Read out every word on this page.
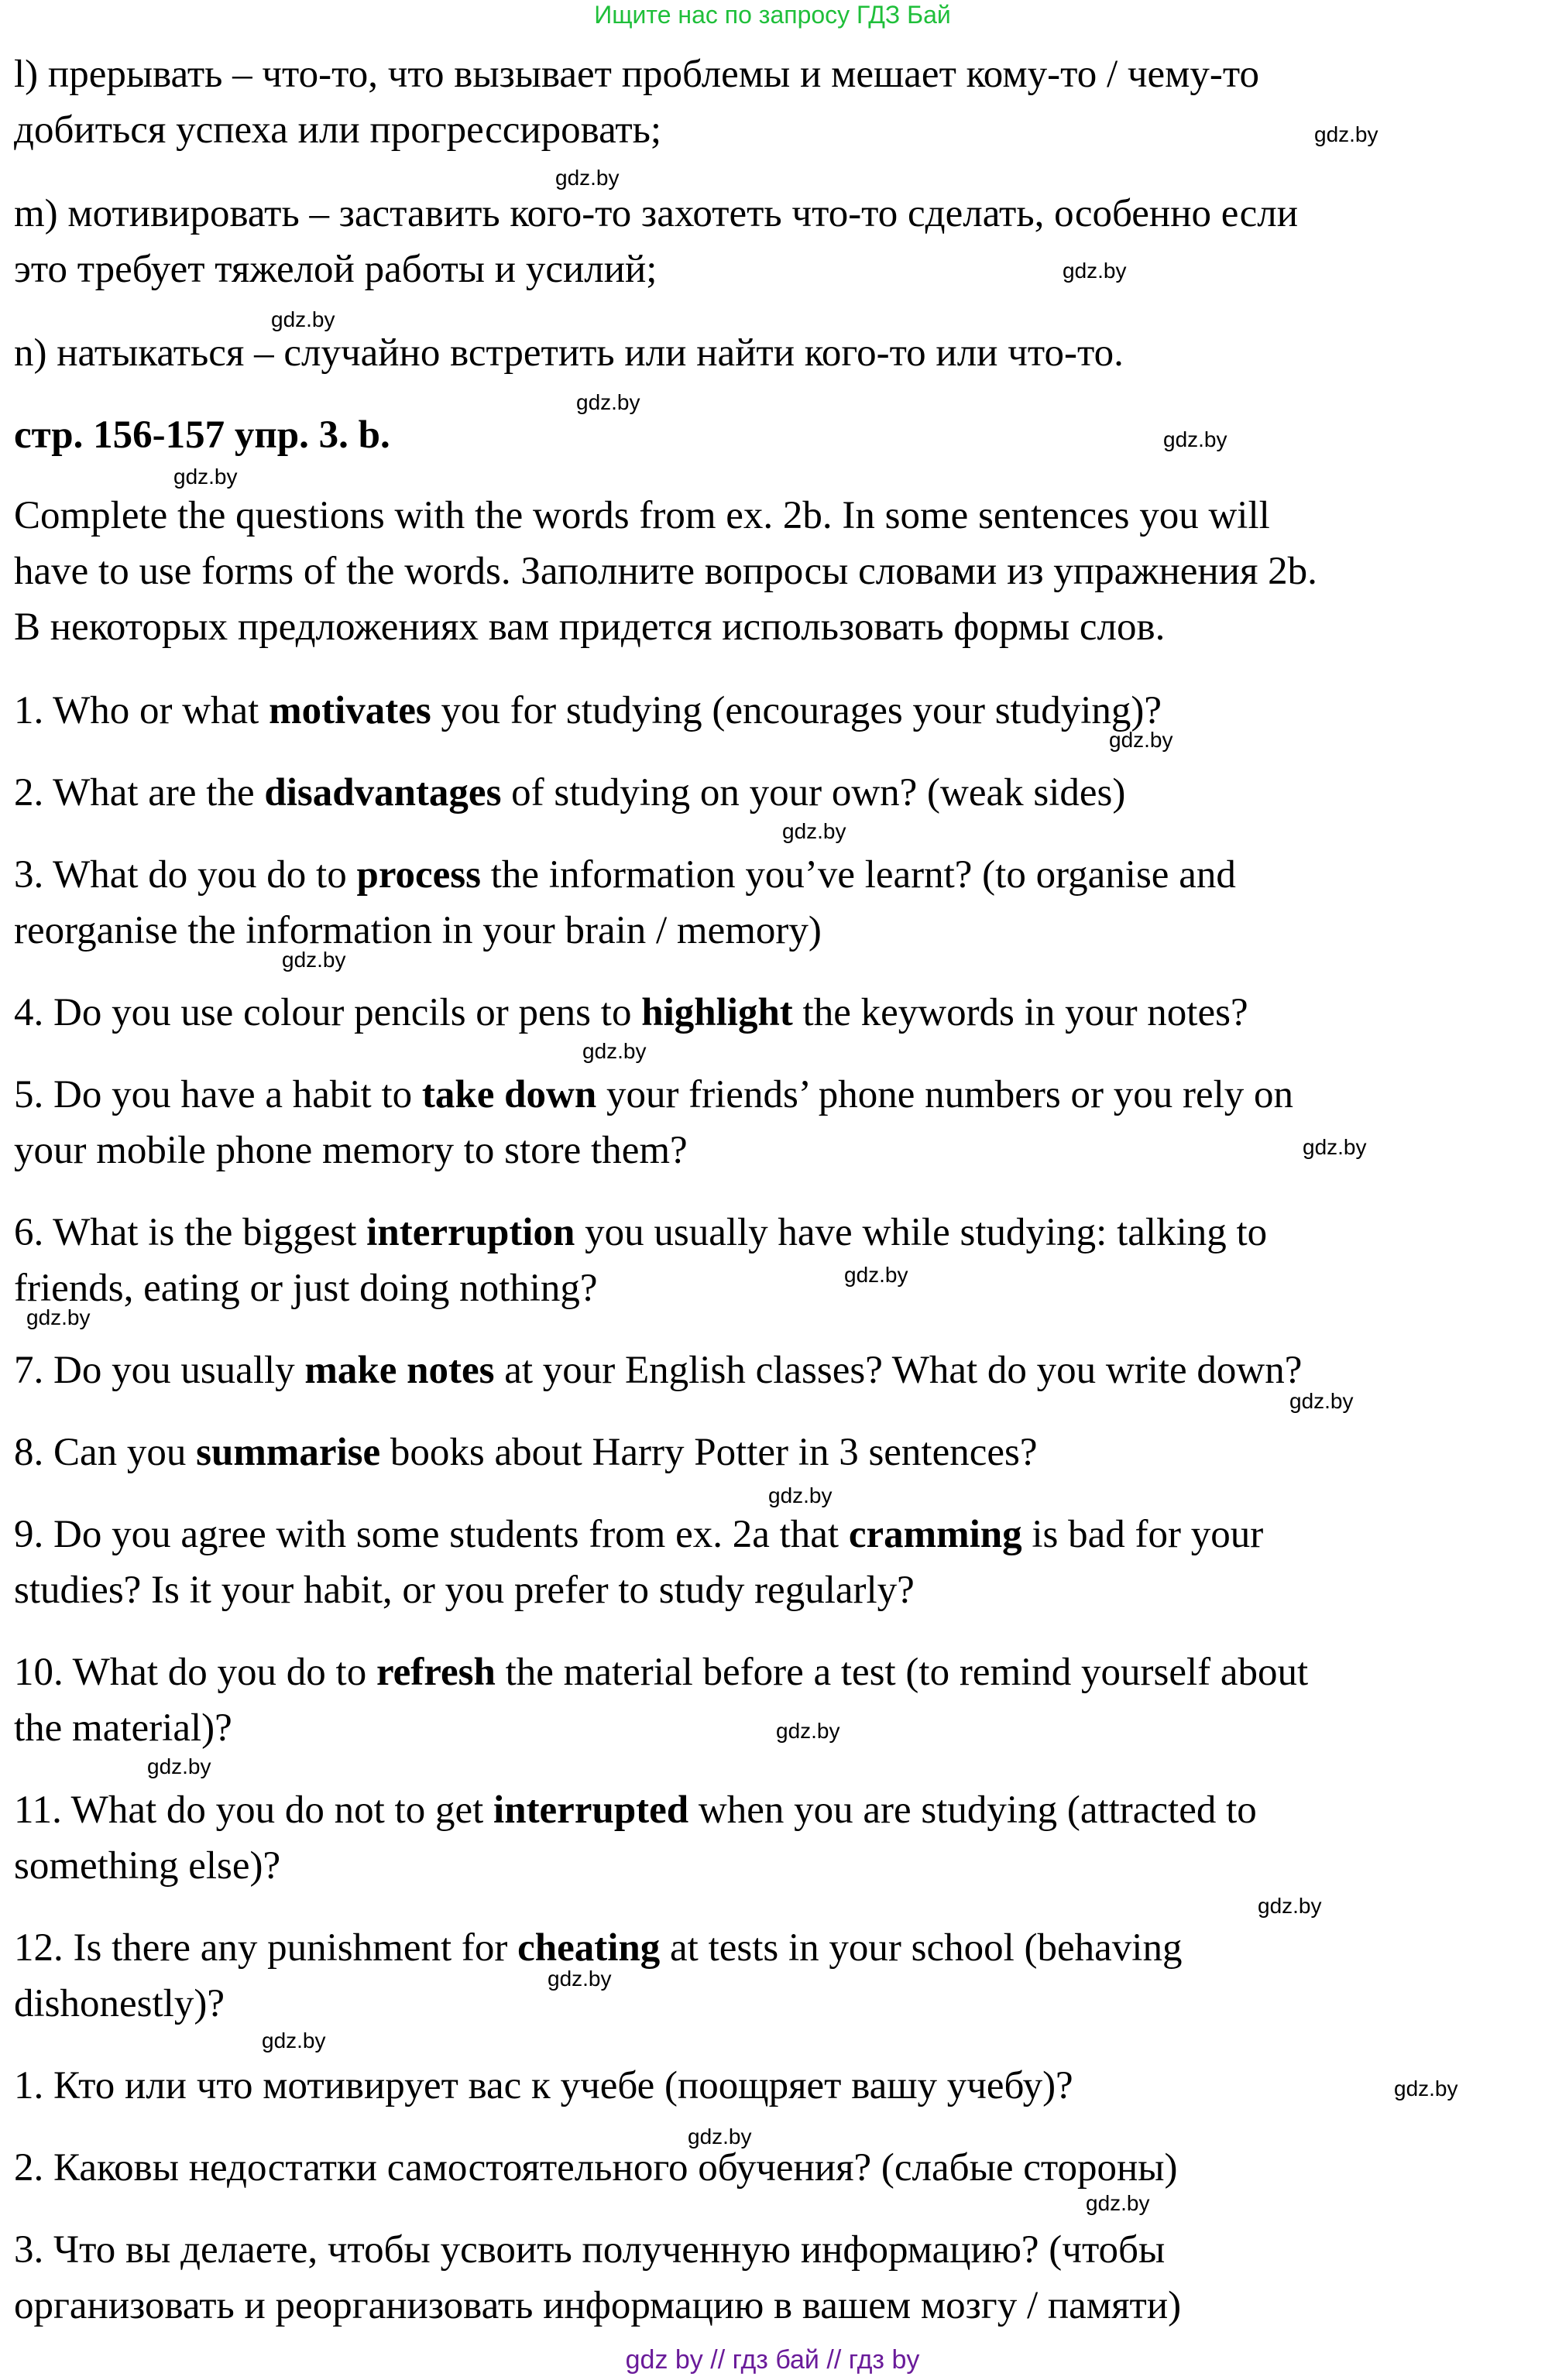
Ищите нас по запросу ГДЗ Бай
l) прерывать – что-то, что вызывает проблемы и мешает кому-то / чему-то
добиться успеха или прогрессировать;
m) мотивировать – заставить кого-то захотеть что-то сделать, особенно если
это требует тяжелой работы и усилий;
n) натыкаться – случайно встретить или найти кого-то или что-то.
стр. 156-157 упр. 3. b.
Complete the questions with the words from ex. 2b. In some sentences you will
have to use forms of the words. Заполните вопросы словами из упражнения 2b.
В некоторых предложениях вам придется использовать формы слов.
1. Who or what motivates you for studying (encourages your studying)?
2. What are the disadvantages of studying on your own? (weak sides)
3. What do you do to process the information you’ve learnt? (to organise and
reorganise the information in your brain / memory)
4. Do you use colour pencils or pens to highlight the keywords in your notes?
5. Do you have a habit to take down your friends’ phone numbers or you rely on
your mobile phone memory to store them?
6. What is the biggest interruption you usually have while studying: talking to
friends, eating or just doing nothing?
7. Do you usually make notes at your English classes? What do you write down?
8. Can you summarise books about Harry Potter in 3 sentences?
9. Do you agree with some students from ex. 2a that cramming is bad for your
studies? Is it your habit, or you prefer to study regularly?
10. What do you do to refresh the material before a test (to remind yourself about
the material)?
11. What do you do not to get interrupted when you are studying (attracted to
something else)?
12. Is there any punishment for cheating at tests in your school (behaving
dishonestly)?
1. Кто или что мотивирует вас к учебе (поощряет вашу учебу)?
2. Каковы недостатки самостоятельного обучения? (слабые стороны)
3. Что вы делаете, чтобы усвоить полученную информацию? (чтобы
организовать и реорганизовать информацию в вашем мозгу / памяти)
gdz.by
gdz.by
gdz.by
gdz.by
gdz.by
gdz.by
gdz.by
gdz.by
gdz.by
gdz.by
gdz.by
gdz.by
gdz.by
gdz.by
gdz.by
gdz.by
gdz.by
gdz.by
gdz.by
gdz.by
gdz.by
gdz.by
gdz.by
gdz.by
gdz by // гдз бай // гдз by
